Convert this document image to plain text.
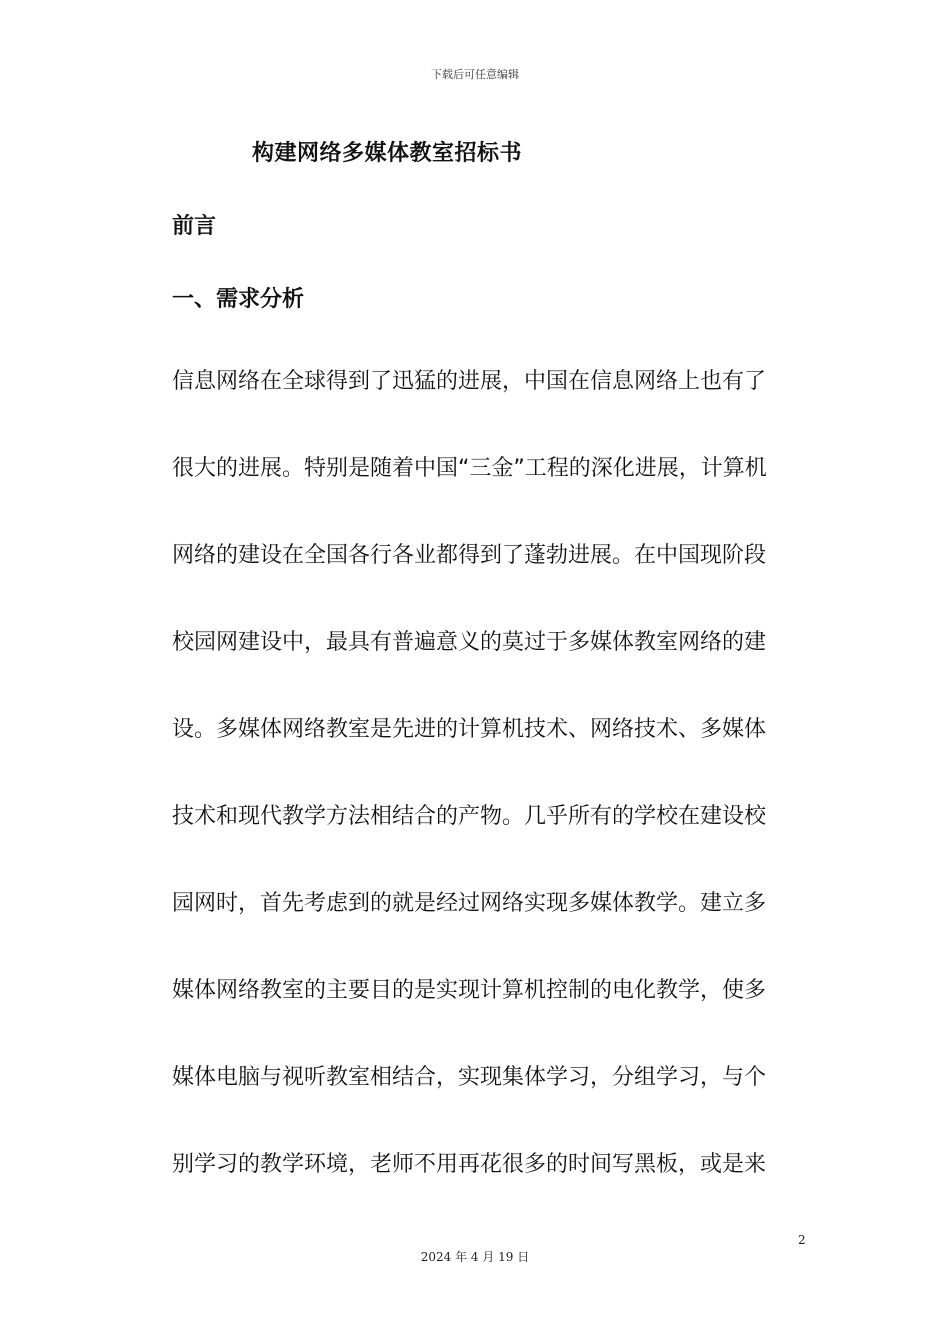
下载后可任意编辑
构建网络多媒体教室招标书
前言
一、需求分析
信息网络在全球得到了迅猛的进展，中国在信息网络上也有了
很大的进展。特别是随着中国“三金”工程的深化进展，计算机
网络的建设在全国各行各业都得到了蓬勃进展。在中国现阶段
校园网建设中，最具有普遍意义的莫过于多媒体教室网络的建
设。多媒体网络教室是先进的计算机技术、网络技术、多媒体
技术和现代教学方法相结合的产物。几乎所有的学校在建设校
园网时，首先考虑到的就是经过网络实现多媒体教学。建立多
媒体网络教室的主要目的是实现计算机控制的电化教学，使多
媒体电脑与视听教室相结合，实现集体学习，分组学习，与个
别学习的教学环境，老师不用再花很多的时间写黑板，或是来
2
2024 年 4 月 19 日
